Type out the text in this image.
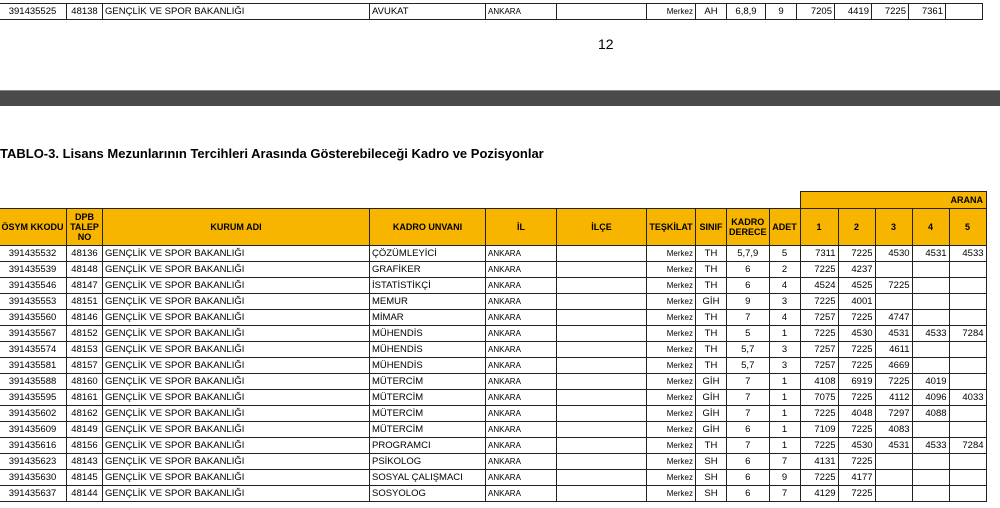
391435525	48138	GENÇLİK VE SPOR BAKANLIĞI	AVUKAT	ANKARA		Merkez	AH	6,8,9	9	7205	4419	7225	7361	
12
TABLO-3. Lisans Mezunlarının Tercihleri Arasında Gösterebileceği Kadro ve Pozisyonlar
										ARANA				
ÖSYM KKODU	DPB TALEP NO	KURUM ADI	KADRO UNVANI	İL	İLÇE	TEŞKİLAT	SINIF	KADRO DERECE	ADET	1	2	3	4	5
391435532	48136	GENÇLİK VE SPOR BAKANLIĞI	ÇÖZÜMLEYİCİ	ANKARA		Merkez	TH	5,7,9	5	7311	7225	4530	4531	4533
391435539	48148	GENÇLİK VE SPOR BAKANLIĞI	GRAFİKER	ANKARA		Merkez	TH	6	2	7225	4237			
391435546	48147	GENÇLİK VE SPOR BAKANLIĞI	İSTATİSTİKÇİ	ANKARA		Merkez	TH	6	4	4524	4525	7225		
391435553	48151	GENÇLİK VE SPOR BAKANLIĞI	MEMUR	ANKARA		Merkez	GİH	9	3	7225	4001			
391435560	48146	GENÇLİK VE SPOR BAKANLIĞI	MİMAR	ANKARA		Merkez	TH	7	4	7257	7225	4747		
391435567	48152	GENÇLİK VE SPOR BAKANLIĞI	MÜHENDİS	ANKARA		Merkez	TH	5	1	7225	4530	4531	4533	7284
391435574	48153	GENÇLİK VE SPOR BAKANLIĞI	MÜHENDİS	ANKARA		Merkez	TH	5,7	3	7257	7225	4611		
391435581	48157	GENÇLİK VE SPOR BAKANLIĞI	MÜHENDİS	ANKARA		Merkez	TH	5,7	3	7257	7225	4669		
391435588	48160	GENÇLİK VE SPOR BAKANLIĞI	MÜTERCİM	ANKARA		Merkez	GİH	7	1	4108	6919	7225	4019	
391435595	48161	GENÇLİK VE SPOR BAKANLIĞI	MÜTERCİM	ANKARA		Merkez	GİH	7	1	7075	7225	4112	4096	4033
391435602	48162	GENÇLİK VE SPOR BAKANLIĞI	MÜTERCİM	ANKARA		Merkez	GİH	7	1	7225	4048	7297	4088	
391435609	48149	GENÇLİK VE SPOR BAKANLIĞI	MÜTERCİM	ANKARA		Merkez	GİH	6	1	7109	7225	4083		
391435616	48156	GENÇLİK VE SPOR BAKANLIĞI	PROGRAMCI	ANKARA		Merkez	TH	7	1	7225	4530	4531	4533	7284
391435623	48143	GENÇLİK VE SPOR BAKANLIĞI	PSİKOLOG	ANKARA		Merkez	SH	6	7	4131	7225			
391435630	48145	GENÇLİK VE SPOR BAKANLIĞI	SOSYAL ÇALIŞMACI	ANKARA		Merkez	SH	6	9	7225	4177			
391435637	48144	GENÇLİK VE SPOR BAKANLIĞI	SOSYOLOG	ANKARA		Merkez	SH	6	7	4129	7225			
